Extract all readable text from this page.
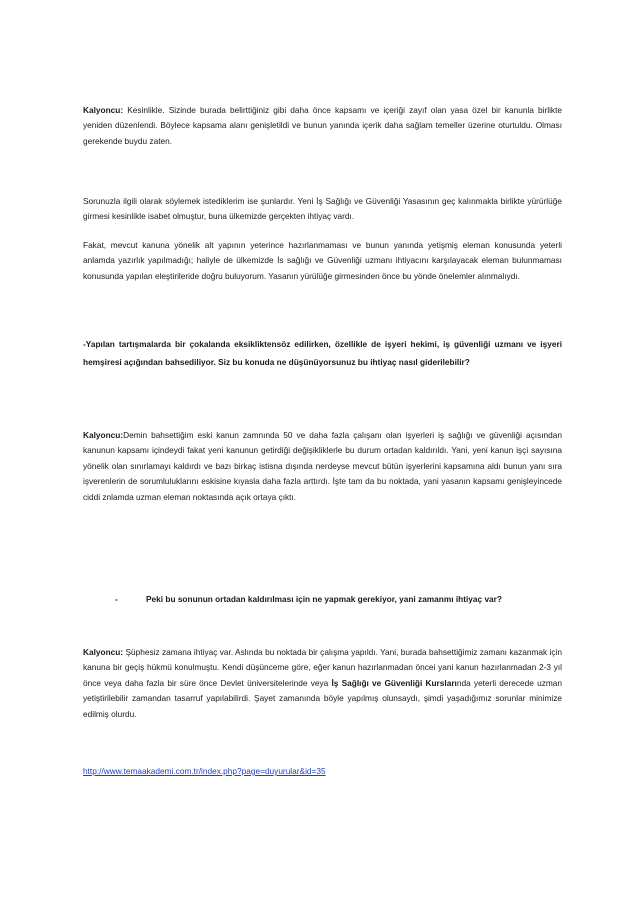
Kalyoncu: Kesinlikle. Sizinde burada belirttiğiniz gibi daha önce kapsamı ve içeriği zayıf olan yasa özel bir kanunla birlikte yeniden düzenlendi. Böylece kapsama alanı genişletildi ve bunun yanında içerik daha sağlam temeller üzerine oturtuldu. Olması gerekende buydu zaten.

Sorunuzla ilgili olarak söylemek istediklerim ise şunlardır. Yeni İş Sağlığı ve Güvenliği Yasasının geç kalınmakla birlikte yürürlüğe girmesi kesinlikle isabet olmuştur, buna ülkemizde gerçekten ihtiyaç vardı.

Fakat, mevcut kanuna yönelik alt yapının yeterince hazırlanmaması ve bunun yanında yetişmiş eleman konusunda yeterli anlamda yazırlık yapılmadığı; haliyle de ülkemizde İs sağlığı ve Güvenliği uzmanı ihtiyacını karşılayacak eleman bulunmaması konusunda yapılan eleştirileride doğru buluyorum. Yasanın yürülüğe girmesinden önce bu yönde önelemler alınmalıydı.

-Yapılan tartışmalarda bir çokalanda eksikliktensöz edilirken, özellikle de işyeri hekimi, iş güvenliği uzmanı ve işyeri hemşiresi açığından bahsediliyor. Siz bu konuda ne düşünüyorsunuz bu ihtiyaç nasıl giderilebilir?

Kalyoncu:Demin bahsettiğim eski kanun zamnında 50 ve daha fazla çalışanı olan işyerleri iş sağlığı ve güvenliği açısından kanunun kapsamı içindeydi fakat yeni kanunun getirdiği değişikliklerle bu durum ortadan kaldırıldı. Yani, yeni kanun işçi sayısına yönelik olan sınırlamayı kaldırdı ve bazı birkaç istisna dışında nerdeyse mevcut bütün işyerlerini kapsamına aldı bunun yanı sıra işverenlerin de sorumluluklarını eskisine kıyasla daha fazla arttırdı. İşte tam da bu noktada, yani yasanın kapsamı genişleyincede ciddi znlamda uzman eleman noktasında açık ortaya çıktı.

-	Peki bu sonunun ortadan kaldırılması için ne yapmak gerekiyor, yani zamanmı ihtiyaç var?

Kalyoncu: Şüphesiz zamana ihtiyaç var. Aslında bu noktada bir çalışma yapıldı. Yani, burada bahsettiğimiz zamanı kazanmak için kanuna bir geçiş hükmü konulmuştu. Kendi düşünceme göre, eğer kanun hazırlanmadan öncei yani kanun hazırlanmadan 2-3 yıl önce veya daha fazla bir süre önce Devlet üniversitelerinde veya İş Sağlığı ve Güvenliği Kurslarında yeterli derecede uzman yetiştirilebilir zamandan tasarruf yapılabilirdi. Şayet zamanında böyle yapılmış olunsaydı, şimdi yaşadığımız sorunlar minimize edilmiş olurdu.

http://www.temaakademi.com.tr/index.php?page=duyurular&id=35
